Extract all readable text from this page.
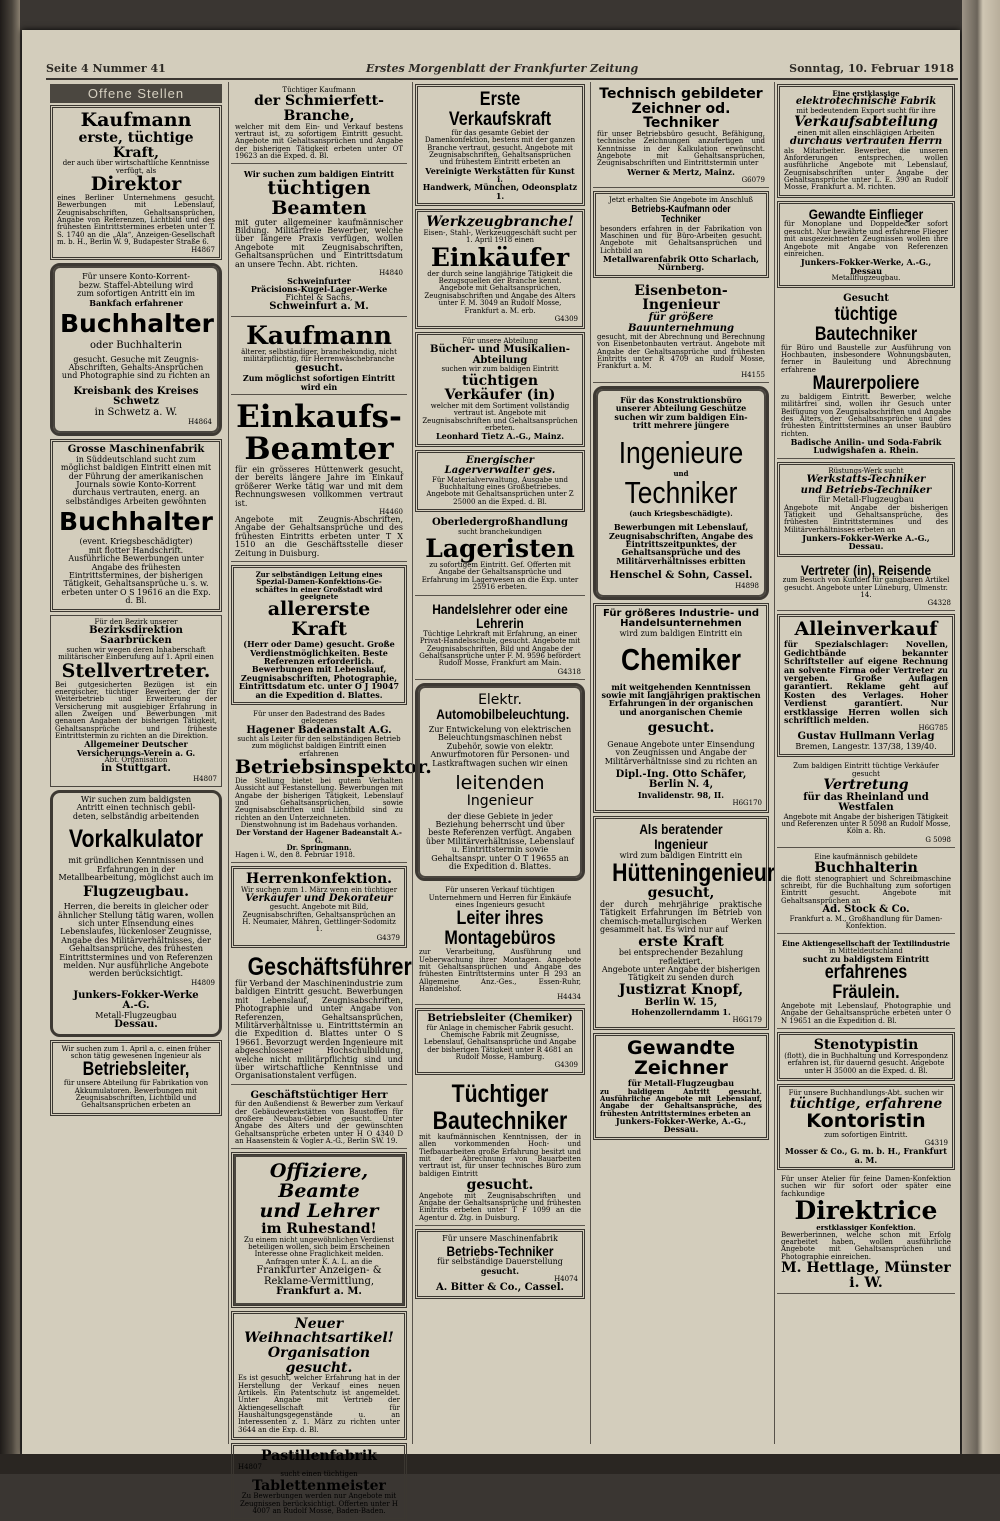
Seite 4 Nummer 41	Erstes Morgenblatt der Frankfurter Zeitung	Sonntag, 10. Februar 1918
Offene Stellen
Kaufmann
erste, tüchtige Kraft,
der auch über wirtschaftliche Kenntnisse verfügt, als
Direktor
eines Berliner Unternehmens gesucht. Bewerbungen mit Lebenslauf, Zeugnisabschriften, Gehaltsansprüchen, Angabe von Referenzen, Lichtbild und des frühesten Eintrittstermines erbeten unter T. S. 1740 an die „Ala“, Anzeigen-Gesellschaft m. b. H., Berlin W. 9, Budapester Straße 6.
H4867
Für unsere Konto-Korrent-
bezw. Staffel-Abteilung wird
zum sofortigen Antritt ein im
Bankfach erfahrener
Buchhalter
oder Buchhalterin
gesucht. Gesuche mit Zeugnis-Abschriften, Gehalts-Ansprüchen und Photographie sind zu richten an
Kreisbank des Kreises Schwetz
in Schwetz a. W.
H4864
Grosse Maschinenfabrik
in Süddeutschland sucht zum möglichst baldigen Eintritt einen mit der Führung der amerikanischen Journals sowie Konto-Korrent durchaus vertrauten, energ. an selbständiges Arbeiten gewöhnten
Buchhalter
(event. Kriegsbeschädigter)
mit flotter Handschrift.
Ausführliche Bewerbungen unter Angabe des frühesten Eintrittstermines, der bisherigen Tätigkeit, Gehaltsansprüche u. s. w. erbeten unter O S 19616 an die Exp. d. Bl.
Für den Bezirk unserer
Bezirksdirektion Saarbrücken
suchen wir wegen deren Inhaberschaft militärischer Einberufung auf 1. April einen
Stellvertreter.
Bei gutgesicherten Bezügen ist ein energischer, tüchtiger Bewerber, der für Weiterbetrieb und Erweiterung der Versicherung mit ausgiebiger Erfahrung in allen Zweigen und Bewerbungen mit genauen Angaben der bisherigen Tätigkeit, Gehaltsansprüche und früheste Eintrittstermin zu richten an die Direktion.
Allgemeiner Deutscher
Versicherungs-Verein a. G.
Abt. Organisation
in Stuttgart.
H4807
Wir suchen zum baldigsten
Antritt einen technisch gebil-
deten, selbständig arbeitenden
Vorkalkulator
mit gründlichen Kenntnissen und Erfahrungen in der Metallbearbeitung, möglichst auch im
Flugzeugbau.
Herren, die bereits in gleicher oder ähnlicher Stellung tätig waren, wollen sich unter Einsendung eines Lebenslaufes, lückenloser Zeugnisse, Angabe des Militärverhältnisses, der Gehaltsansprüche, des frühesten Eintrittstermines und von Referenzen melden. Nur ausführliche Angebote werden berücksichtigt.
H4809
Junkers-Fokker-Werke
A.-G.
Metall-Flugzeugbau
Dessau.
Wir suchen zum 1. April a. c. einen früher
schon tätig gewesenen Ingenieur als
Betriebsleiter,
für unsere Abteilung für Fabrikation von Akkumulatoren. Bewerbungen mit Zeugnisabschriften, Lichtbild und Gehaltsansprüchen erbeten an
Tüchtiger Kaufmann
der Schmierfett-Branche,
welcher mit dem Ein- und Verkauf bestens vertraut ist, zu sofortigem Eintritt gesucht. Angebote mit Gehaltsansprüchen und Angabe der bisherigen Tätigkeit erbeten unter OT 19623 an die Exped. d. Bl.
Wir suchen zum baldigen Eintritt
tüchtigen Beamten
mit guter allgemeiner kaufmännischer Bildung. Militärfreie Bewerber, welche über längere Praxis verfügen, wollen Angebote mit Zeugnisabschriften, Gehaltsansprüchen und Eintrittsdatum an unsere Techn. Abt. richten.
H4840
Schweinfurter
Präcisions-Kugel-Lager-Werke
Fichtel & Sachs,
Schweinfurt a. M.
Kaufmann
älterer, selbständiger, branchekundig, nicht militärpflichtig, für Herrenwäschebranche
gesucht.
Zum möglichst sofortigen Eintritt wird ein
Einkaufs-
Beamter
für ein grösseres Hüttenwerk gesucht, der bereits längere Jahre im Einkauf größerer Werke tätig war und mit dem Rechnungswesen vollkommen vertraut ist.
H4460
Angebote mit Zeugnis-Abschriften, Angabe der Gehaltsansprüche und des frühesten Eintritts erbeten unter T X 1510 an die Geschäftsstelle dieser Zeitung in Duisburg.
Zur selbständigen Leitung eines
Spezial-Damen-Konfektions-Ge-
schäftes in einer Großstadt wird
geeignete
allererste Kraft
(Herr oder Dame) gesucht. Große
Verdienstmöglichkeiten. Beste Referenzen erforderlich. Bewerbungen mit Lebenslauf, Zeugnisabschriften, Photographie, Eintrittsdatum etc. unter O J 19047 an die Expedition d. Blattes.
Für unser den Badestrand des Bades gelegenes
Hagener Badeanstalt A.G.
sucht als Leiter für den selbständigen Betrieb zum möglichst baldigen Eintritt einen erfahrenen
Betriebsinspektor.
Die Stellung bietet bei gutem Verhalten Aussicht auf Festanstellung. Bewerbungen mit Angabe der bisherigen Tätigkeit, Lebenslauf und Gehaltsansprüchen, sowie Zeugnisabschriften und Lichtbild sind zu richten an den Unterzeichneten.
Dienstwohnung ist im Badehaus vorhanden.
Der Vorstand der Hagener Badeanstalt A.-G.
Dr. Springmann.
Hagen i. W., den 8. Februar 1918.
Herrenkonfektion.
Wir suchen zum 1. März wenn ein tüchtiger
Verkäufer und Dekorateur
gesucht. Angebote mit Bild, Zeugnisabschriften, Gehaltsansprüchen an
H. Neumaier, Mähren, Gettlinger-Sodomitz 1.
G4379
Geschäftsführer
für Verband der Maschinenindustrie zum baldigen Eintritt gesucht. Bewerbungen mit Lebenslauf, Zeugnisabschriften, Photographie und unter Angabe von Referenzen, Gehaltsansprüchen, Militärverhältnisse u. Eintrittstermin an die Expedition d. Blattes unter O S 19661. Bevorzugt werden Ingenieure mit abgeschlossener Hochschulbildung, welche nicht militärpflichtig sind und über wirtschaftliche Kenntnisse und Organisationstalent verfügen.
Geschäftstüchtiger Herr
für den Außendienst & Bewerber zum Verkauf der Gebäudewerkstätten von Baustoffen für großere Neubau-Gebiete gesucht. Unter Angabe des Alters und der gewünschten Gehaltsansprüche erbeten unter H O 4340 D an Haasenstein & Vogler A.-G., Berlin SW. 19.
Offiziere, Beamte
und Lehrer
im Ruhestand!
Zu einem nicht ungewöhnlichen Verdienst beteiligen wollen, sich beim Erscheinen Interesse ohne Fraglichkeit melden.
Anfragen unter K. A. L. an die
Frankfurter Anzeigen- &
Reklame-Vermittlung,
Frankfurt a. M.
Neuer Weihnachtsartikel!
Organisation gesucht.
Es ist gesucht, welcher Erfahrung hat in der Herstellung der Verkauf eines neuen Artikels. Ein Patentschutz ist angemeldet. Unter Angabe mit Vertrieb der Aktiengesellschaft für Haushaltungsgegenstände u. an Interessenten z. 1. März zu richten unter 3644 an die Exp. d. Bl.
Pastillenfabrik
H4807
sucht einen tüchtigen
Tablettenmeister
Zu Bewerbungen werden nur Angebote mit Zeugnissen berücksichtigt. Offerten unter H 4007 an Rudolf Mosse, Baden-Baden.
Erste Verkaufskraft
für das gesamte Gebiet der Damenkonfektion, bestens mit der ganzen Branche vertraut, gesucht. Angebote mit Zeugnisabschriften, Gehaltsansprüchen und frühestem Eintritt erbeten an
Vereinigte Werkstätten für Kunst i.
Handwerk, München, Odeonsplatz 1.
Werkzeugbranche!
Eisen-, Stahl-, Werkzeuggeschäft sucht per 1. April 1918 einen
Einkäufer
der durch seine langjährige Tätigkeit die Bezugsquellen der Branche kennt. Angebote mit Gehaltsansprüchen, Zeugnisabschriften und Angabe des Alters unter F. M. 3049 an Rudolf Mosse, Frankfurt a. M. erb.
G4309
Für unsere Abteilung
Bücher- und Musikalien-Abteilung
suchen wir zum baldigen Eintritt
tüchtigen Verkäufer (in)
welcher mit dem Sortiment vollständig vertraut ist. Angebote mit Zeugnisabschriften und Gehaltsansprüchen erbeten.
Leonhard Tietz A.-G., Mainz.
Energischer Lagerverwalter ges.
Für Materialverwaltung, Ausgabe und Buchhaltung eines Großbetriebes. Angebote mit Gehaltsansprüchen unter Z 25000 an die Exped. d. Bl.
Oberledergroßhandlung
sucht branchekundigen
Lageristen
zu sofortigem Eintritt. Gef. Offerten mit Angabe der Gehaltsansprüche und Erfahrung im Lagerwesen an die Exp. unter 25916 erbeten.
Handelslehrer oder eine Lehrerin
Tüchtige Lehrkraft mit Erfahrung, an einer Privat-Handelsschule, gesucht. Angebote mit Zeugnisabschriften, Bild und Angabe der Gehaltsansprüche unter F. M. 9596 befördert Rudolf Mosse, Frankfurt am Main.
G4318
Elektr.
Automobilbeleuchtung.
Zur Entwickelung von elektrischen Beleuchtungsmaschinen nebst Zubehör, sowie von elektr. Anwurfmotoren für Personen- und Lastkraftwagen suchen wir einen
leitenden
Ingenieur
der diese Gebiete in jeder Beziehung beherrscht und über beste Referenzen verfügt. Angaben über Militärverhältnisse, Lebenslauf u. Eintrittstermin sowie Gehaltsanspr. unter O T 19655 an die Expedition d. Blattes.
Für unseren Verkauf tüchtigen Unternehmern und Herren für Einkäufe eines Ingenieurs gesucht
Leiter ihres Montagebüros
zur Verarbeitung, Ausführung und Ueberwachung ihrer Montagen. Angebote mit Gehaltsansprüchen und Angabe des frühesten Eintrittstermins unter H 293 an Allgemeine Anz.-Ges., Essen-Ruhr, Handelshof.
H4434
Betriebsleiter (Chemiker)
für Anlage in chemischer Fabrik gesucht. Chemische Fabrik mit Zeugnisse, Lebenslauf, Gehaltsansprüche und Angabe der bisherigen Tätigkeit unter R 4681 an Rudolf Mosse, Hamburg.
G4309
Tüchtiger
Bautechniker
mit kaufmännischen Kenntnissen, der in allen vorkommenden Hoch- und Tiefbauarbeiten große Erfahrung besitzt und mit der Abrechnung von Bauarbeiten vertraut ist, für unser technisches Büro zum baldigen Eintritt
gesucht.
Angebote mit Zeugnisabschriften und Angabe der Gehaltsansprüche und frühesten Eintritts erbeten unter T F 1099 an die Agentur d. Ztg. in Duisburg.
Für unsere Maschinenfabrik
Betriebs-Techniker
für selbständige Dauerstellung
gesucht.
H4074
A. Bitter & Co., Cassel.
Technisch gebildeter
Zeichner od. Techniker
für unser Betriebsbüro gesucht. Befähigung, technische Zeichnungen anzufertigen und Kenntnisse in der Kalkulation erwünscht. Angebote mit Gehaltsansprüchen, Zeugnisabschriften und Eintrittstermin unter
Werner & Mertz, Mainz.
G6079
Jetzt erhalten Sie Angebote im Anschluß
Betriebs-Kaufmann oder Techniker
besonders erfahren in der Fabrikation von Maschinen und für Büro-Arbeiten gesucht. Angebote mit Gehaltsansprüchen und Lichtbild an
Metallwarenfabrik Otto Scharlach,
Nürnberg.
Eisenbeton-Ingenieur
für größere Bauunternehmung
gesucht, mit der Abrechnung und Berechnung von Eisenbetonbauten vertraut. Angebote mit Angabe der Gehaltsansprüche und frühesten Eintritts unter R 4709 an Rudolf Mosse, Frankfurt a. M.
H4155
Für das Konstruktionsbüro
unserer Abteilung Geschütze
suchen wir zum baldigen Ein-
tritt mehrere jüngere
Ingenieure
und
Techniker
(auch Kriegsbeschädigte).
Bewerbungen mit Lebenslauf, Zeugnisabschriften, Angabe des Eintrittszeitpunktes, der Gehaltsansprüche und des Militärverhältnisses erbitten
Henschel & Sohn, Cassel.
H4898
Für größeres Industrie- und
Handelsunternehmen
wird zum baldigen Eintritt ein
Chemiker
mit weitgehenden Kenntnissen sowie mit langjährigen praktischen Erfahrungen in der organischen und anorganischen Chemie
gesucht.
Genaue Angebote unter Einsendung von Zeugnissen und Angabe der Militärverhältnisse sind zu richten an
Dipl.-Ing. Otto Schäfer,
Berlin N. 4,
Invalidenstr. 98, II.
H6G170
Als beratender Ingenieur
wird zum baldigen Eintritt ein
Hütteningenieur
gesucht,
der durch mehrjährige praktische Tätigkeit Erfahrungen im Betrieb von chemisch-metallurgischen Werken gesammelt hat. Es wird nur auf
erste Kraft
bei entsprechender Bezahlung reflektiert.
Angebote unter Angabe der bisherigen Tätigkeit zu senden durch
Justizrat Knopf,
Berlin W. 15,
Hohenzollerndamm 1.
H6G179
Gewandte Zeichner
für Metall-Flugzeugbau
zu baldigem Antritt gesucht. Ausführliche Angebote mit Lebenslauf, Angabe der Gehaltsansprüche, des frühesten Antrittstermines erbeten an
Junkers-Fokker-Werke, A.-G., Dessau.
Eine erstklassige
elektrotechnische Fabrik
mit bedeutendem Export sucht für ihre
Verkaufsabteilung
einen mit allen einschlägigen Arbeiten
durchaus vertrauten Herrn
als Mitarbeiter. Bewerber, die unseren Anforderungen entsprechen, wollen ausführliche Angebote mit Lebenslauf, Zeugnisabschriften unter Angabe der Gehaltsansprüche unter L. E. 390 an Rudolf Mosse, Frankfurt a. M. richten.
Gewandte Einflieger
für Monoplane und Doppeldecker sofort gesucht. Nur bewährte und erfahrene Flieger mit ausgezeichneten Zeugnissen wollen ihre Angebote mit Angabe von Referenzen einreichen.
Junkers-Fokker-Werke, A.-G., Dessau
Metallflugzeugbau.
Gesucht
tüchtige Bautechniker
für Büro und Baustelle zur Ausführung von Hochbauten, insbesondere Wohnungsbauten, ferner in Bauleitung und Abrechnung erfahrene
Maurerpoliere
zu baldigem Eintritt. Bewerber, welche militärfrei sind, wollen ihr Gesuch unter Beifügung von Zeugnisabschriften und Angabe des Alters, der Gehaltsansprüche und des frühesten Eintrittstermines an unser Baubüro richten.
Badische Anilin- und Soda-Fabrik
Ludwigshafen a. Rhein.
Rüstungs-Werk sucht
Werkstatts-Techniker
und Betriebs-Techniker
für Metall-Flugzeugbau
Angebote mit Angabe der bisherigen Tätigkeit und Gehaltsansprüche, des frühesten Eintrittstermines und des Militärverhältnisses erbeten an
Junkers-Fokker-Werke A.-G., Dessau.
Vertreter (in), Reisende
zum Besuch von Kunden für gangbaren Artikel gesucht. Angebote unter Lüneburg, Ulmenstr. 14.
G4328
Alleinverkauf
für Spezialschlager: Novellen, Gedichtbände bekannter Schriftsteller auf eigene Rechnung an solvente Firma oder Vertreter zu vergeben. Große Auflagen garantiert. Reklame geht auf Kosten des Verlages. Hoher Verdienst garantiert. Nur erstklassige Herren wollen sich schriftlich melden.
H6G785
Gustav Hullmann Verlag
Bremen, Langestr. 137/38, 139/40.
Zum baldigen Eintritt tüchtige Verkäufer gesucht
Vertretung
für das Rheinland und Westfalen
Angebote mit Angabe der bisherigen Tätigkeit und Referenzen unter R 5098 an Rudolf Mosse, Köln a. Rh.
G 5098
Eine kaufmännisch gebildete
Buchhalterin
die flott stenographiert und Schreibmaschine schreibt, für die Buchhaltung zum sofortigen Eintritt gesucht. Angebote mit Gehaltsansprüchen an
Ad. Stock & Co.
Frankfurt a. M., Großhandlung für Damen-Konfektion.
Eine Aktiengesellschaft der Textilindustrie
in Mitteldeutschland
sucht zu baldigstem Eintritt
erfahrenes Fräulein.
Angebote mit Lebenslauf, Photographie und Angabe der Gehaltsansprüche erbeten unter O N 19651 an die Expedition d. Bl.
Stenotypistin
(flott), die in Buchhaltung und Korrespondenz erfahren ist, für dauernd gesucht. Angebote unter H 35000 an die Exped. d. Bl.
Für unsere Buchhandlungs-Abt. suchen wir
tüchtige, erfahrene
Kontoristin
zum sofortigen Eintritt.
G4319
Mosser & Co., G. m. b. H., Frankfurt a. M.
Für unser Atelier für feine Damen-Konfektion suchen wir für sofort oder später eine fachkundige
Direktrice
erstklassiger Konfektion.
Bewerberinnen, welche schon mit Erfolg gearbeitet haben, wollen ausführliche Angebote mit Gehaltsansprüchen und Photographie einreichen.
M. Hettlage, Münster i. W.
